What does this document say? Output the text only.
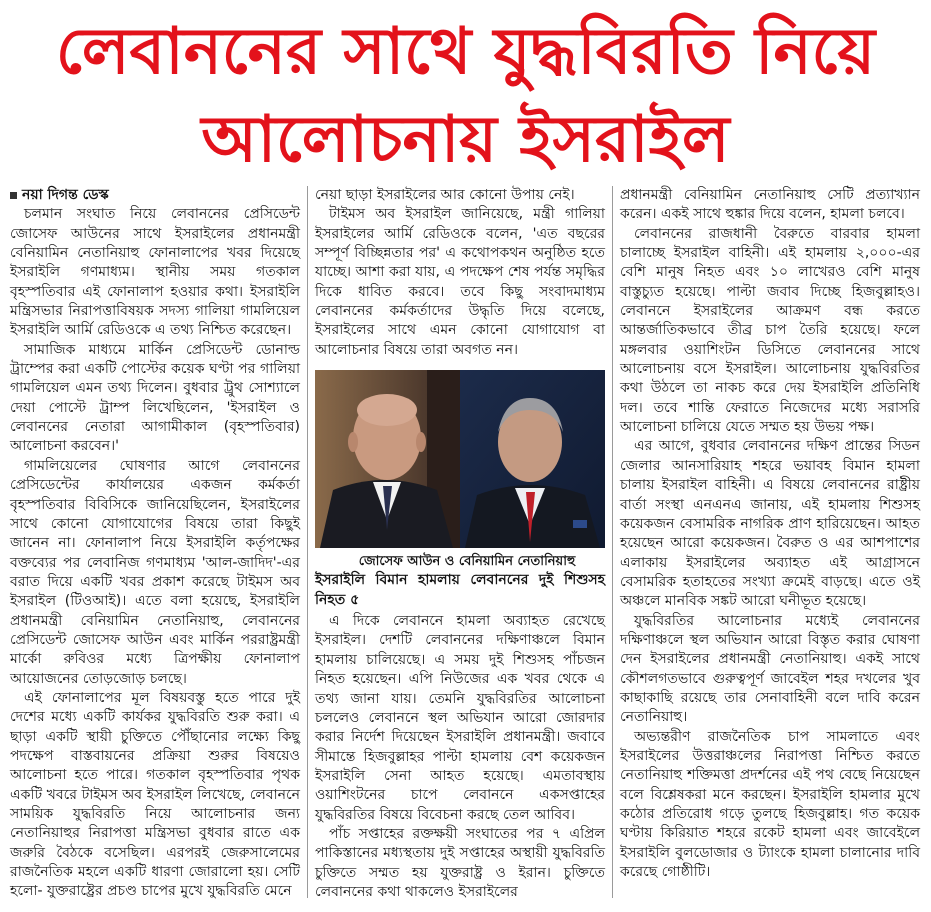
লেবাননের সাথে যুদ্ধবিরতি নিয়ে
আলোচনায় ইসরাইল

নয়া দিগন্ত ডেস্ক

চলমান সংঘাত নিয়ে লেবাননের প্রেসিডেন্ট জোসেফ আউনের সাথে ইসরাইলের প্রধানমন্ত্রী বেনিয়ামিন নেতানিয়াহু ফোনালাপের খবর দিয়েছে ইসরাইলি গণমাধ্যম। স্থানীয় সময় গতকাল বৃহস্পতিবার এই ফোনালাপ হওয়ার কথা। ইসরাইলি মন্ত্রিসভার নিরাপত্তাবিষয়ক সদস্য গালিয়া গামলিয়েল ইসরাইলি আর্মি রেডিওকে এ তথ্য নিশ্চিত করেছেন।

সামাজিক মাধ্যমে মার্কিন প্রেসিডেন্ট ডোনাল্ড ট্রাম্পের করা একটি পোস্টের কয়েক ঘণ্টা পর গালিয়া গামলিয়েল এমন তথ্য দিলেন। বুধবার ট্রুথ সোশ্যালে দেয়া পোস্টে ট্রাম্প লিখেছিলেন, 'ইসরাইল ও লেবাননের নেতারা আগামীকাল (বৃহস্পতিবার) আলোচনা করবেন।'

গামলিয়েলের ঘোষণার আগে লেবাননের প্রেসিডেন্টের কার্যালয়ের একজন কর্মকর্তা বৃহস্পতিবার বিবিসিকে জানিয়েছিলেন, ইসরাইলের সাথে কোনো যোগাযোগের বিষয়ে তারা কিছুই জানেন না। ফোনালাপ নিয়ে ইসরাইলি কর্তৃপক্ষের বক্তব্যের পর লেবানিজ গণমাধ্যম 'আল-জাদিদ'-এর বরাত দিয়ে একটি খবর প্রকাশ করেছে টাইমস অব ইসরাইল (টিওআই)। এতে বলা হয়েছে, ইসরাইলি প্রধানমন্ত্রী বেনিয়ামিন নেতানিয়াহু, লেবাননের প্রেসিডেন্ট জোসেফ আউন এবং মার্কিন পররাষ্ট্রমন্ত্রী মার্কো রুবিওর মধ্যে ত্রিপক্ষীয় ফোনালাপ আয়োজনের তোড়জোড় চলছে।

এই ফোনালাপের মূল বিষয়বস্তু হতে পারে দুই দেশের মধ্যে একটি কার্যকর যুদ্ধবিরতি শুরু করা। এ ছাড়া একটি স্থায়ী চুক্তিতে পৌঁছানোর লক্ষ্যে কিছু পদক্ষেপ বাস্তবায়নের প্রক্রিয়া শুরুর বিষয়েও আলোচনা হতে পারে। গতকাল বৃহস্পতিবার পৃথক একটি খবরে টাইমস অব ইসরাইল লিখেছে, লেবাননে সাময়িক যুদ্ধবিরতি নিয়ে আলোচনার জন্য নেতানিয়াহুর নিরাপত্তা মন্ত্রিসভা বুধবার রাতে এক জরুরি বৈঠকে বসেছিল। এরপরই জেরুসালেমের রাজনৈতিক মহলে একটি ধারণা জোরালো হয়। সেটি হলো- যুক্তরাষ্ট্রের প্রচণ্ড চাপের মুখে যুদ্ধবিরতি মেনে

নেয়া ছাড়া ইসরাইলের আর কোনো উপায় নেই।

টাইমস অব ইসরাইল জানিয়েছে, মন্ত্রী গালিয়া ইসরাইলের আর্মি রেডিওকে বলেন, 'এত বছরের সম্পূর্ণ বিচ্ছিন্নতার পর' এ কথোপকথন অনুষ্ঠিত হতে যাচ্ছে। আশা করা যায়, এ পদক্ষেপ শেষ পর্যন্ত সমৃদ্ধির দিকে ধাবিত করবে। তবে কিছু সংবাদমাধ্যম লেবাননের কর্মকর্তাদের উদ্ধৃতি দিয়ে বলেছে, ইসরাইলের সাথে এমন কোনো যোগাযোগ বা আলোচনার বিষয়ে তারা অবগত নন।

জোসেফ আউন ও বেনিয়ামিন নেতানিয়াহু

ইসরাইলি বিমান হামলায় লেবাননের দুই শিশুসহ নিহত ৫

এ দিকে লেবাননে হামলা অব্যাহত রেখেছে ইসরাইল। দেশটি লেবাননের দক্ষিণাঞ্চলে বিমান হামলায় চালিয়েছে। এ সময় দুই শিশুসহ পাঁচজন নিহত হয়েছেন। এপি নিউজের এক খবর থেকে এ তথ্য জানা যায়। তেমনি যুদ্ধবিরতির আলোচনা চললেও লেবাননে স্থল অভিযান আরো জোরদার করার নির্দেশ দিয়েছেন ইসরাইলি প্রধানমন্ত্রী। জবাবে সীমান্তে হিজবুল্লাহর পাল্টা হামলায় বেশ কয়েকজন ইসরাইলি সেনা আহত হয়েছে। এমতাবস্থায় ওয়াশিংটনের চাপে লেবাননে একসপ্তাহের যুদ্ধবিরতির বিষয়ে বিবেচনা করছে তেল আবিব।

পাঁচ সপ্তাহের রক্তক্ষয়ী সংঘাতের পর ৭ এপ্রিল পাকিস্তানের মধ্যস্থতায় দুই সপ্তাহের অস্থায়ী যুদ্ধবিরতি চুক্তিতে সম্মত হয় যুক্তরাষ্ট্র ও ইরান। চুক্তিতে লেবাননের কথা থাকলেও ইসরাইলের

প্রধানমন্ত্রী বেনিয়ামিন নেতানিয়াহু সেটি প্রত্যাখ্যান করেন। একই সাথে হুঙ্কার দিয়ে বলেন, হামলা চলবে।

লেবাননের রাজধানী বৈরুতে বারবার হামলা চালাচ্ছে ইসরাইল বাহিনী। এই হামলায় ২,০০০-এর বেশি মানুষ নিহত এবং ১০ লাখেরও বেশি মানুষ বাস্তুচ্যুত হয়েছে। পাল্টা জবাব দিচ্ছে হিজবুল্লাহও। লেবাননে ইসরাইলের আক্রমণ বন্ধ করতে আন্তর্জাতিকভাবে তীব্র চাপ তৈরি হয়েছে। ফলে মঙ্গলবার ওয়াশিংটন ডিসিতে লেবাননের সাথে আলোচনায় বসে ইসরাইল। আলোচনায় যুদ্ধবিরতির কথা উঠলে তা নাকচ করে দেয় ইসরাইলি প্রতিনিধি দল। তবে শান্তি ফেরাতে নিজেদের মধ্যে সরাসরি আলোচনা চালিয়ে যেতে সম্মত হয় উভয় পক্ষ।

এর আগে, বুধবার লেবাননের দক্ষিণ প্রান্তের সিডন জেলার আনসারিয়াহ শহরে ভয়াবহ বিমান হামলা চালায় ইসরাইল বাহিনী। এ বিষয়ে লেবাননের রাষ্ট্রীয় বার্তা সংস্থা এনএনএ জানায়, এই হামলায় শিশুসহ কয়েকজন বেসামরিক নাগরিক প্রাণ হারিয়েছেন। আহত হয়েছেন আরো কয়েকজন। বৈরুত ও এর আশপাশের এলাকায় ইসরাইলের অব্যাহত এই আগ্রাসনে বেসামরিক হতাহতের সংখ্যা ক্রমেই বাড়ছে। এতে ওই অঞ্চলে মানবিক সঙ্কট আরো ঘনীভূত হয়েছে।

যুদ্ধবিরতির আলোচনার মধ্যেই লেবাননের দক্ষিণাঞ্চলে স্থল অভিযান আরো বিস্তৃত করার ঘোষণা দেন ইসরাইলের প্রধানমন্ত্রী নেতানিয়াহু। একই সাথে কৌশলগতভাবে গুরুত্বপূর্ণ জাবেইল শহর দখলের খুব কাছাকাছি রয়েছে তার সেনাবাহিনী বলে দাবি করেন নেতানিয়াহু।

অভ্যন্তরীণ রাজনৈতিক চাপ সামলাতে এবং ইসরাইলের উত্তরাঞ্চলের নিরাপত্তা নিশ্চিত করতে নেতানিয়াহু শক্তিমত্তা প্রদর্শনের এই পথ বেছে নিয়েছেন বলে বিশ্লেষকরা মনে করছেন। ইসরাইলি হামলার মুখে কঠোর প্রতিরোধ গড়ে তুলছে হিজবুল্লাহ। গত কয়েক ঘণ্টায় কিরিয়াত শহরে রকেট হামলা এবং জাবেইলে ইসরাইলি বুলডোজার ও ট্যাংকে হামলা চালানোর দাবি করেছে গোষ্ঠীটি।
